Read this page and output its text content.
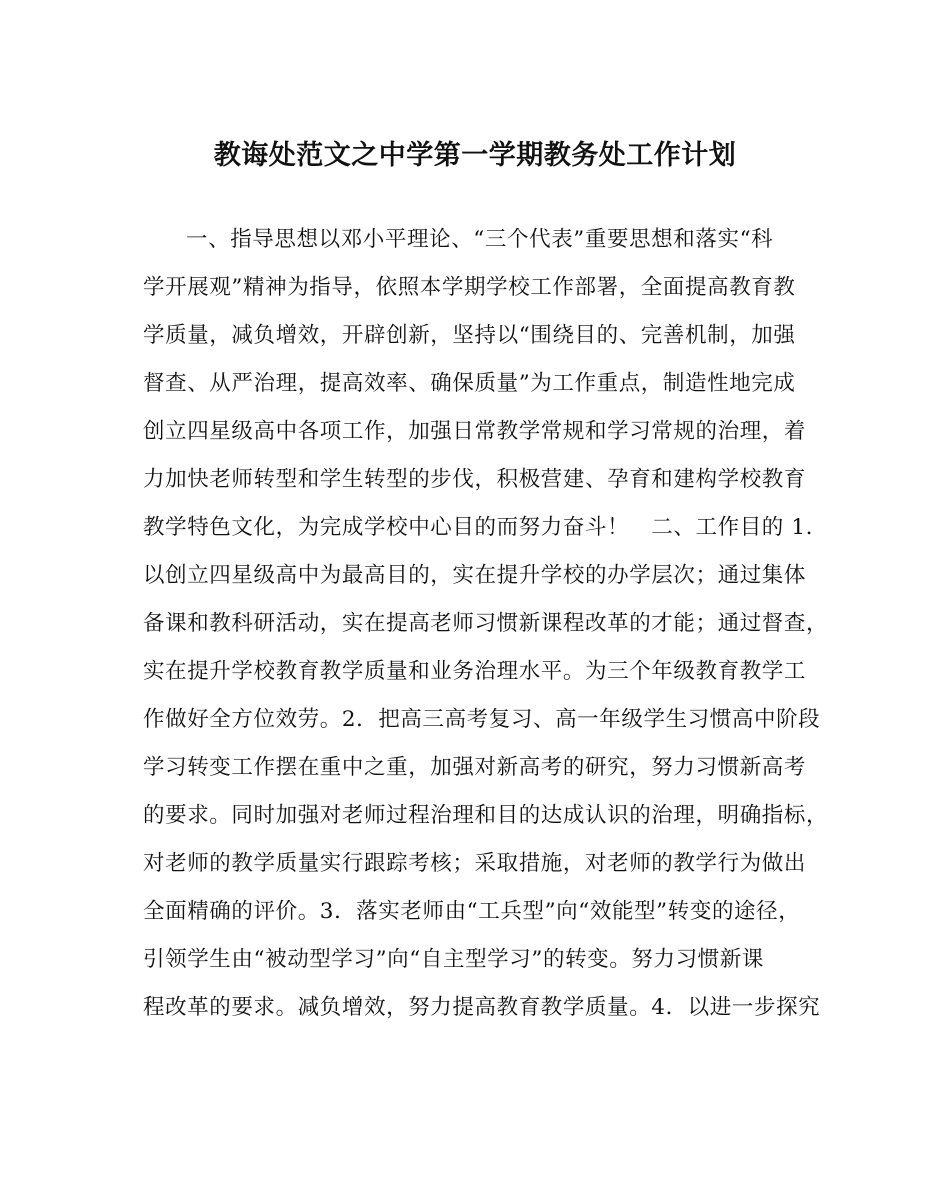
教诲处范文之中学第一学期教务处工作计划
一、指导思想以邓小平理论、“三个代表”重要思想和落实“科
学开展观”精神为指导，依照本学期学校工作部署，全面提高教育教
学质量，减负增效，开辟创新，坚持以“围绕目的、完善机制，加强
督查、从严治理，提高效率、确保质量”为工作重点，制造性地完成
创立四星级高中各项工作，加强日常教学常规和学习常规的治理，着
力加快老师转型和学生转型的步伐，积极营建、孕育和建构学校教育
教学特色文化，为完成学校中心目的而努力奋斗！　二、工作目的 1.
以创立四星级高中为最高目的，实在提升学校的办学层次；通过集体
备课和教科研活动，实在提高老师习惯新课程改革的才能；通过督查，
实在提升学校教育教学质量和业务治理水平。为三个年级教育教学工
作做好全方位效劳。2．把高三高考复习、高一年级学生习惯高中阶段
学习转变工作摆在重中之重，加强对新高考的研究，努力习惯新高考
的要求。同时加强对老师过程治理和目的达成认识的治理，明确指标，
对老师的教学质量实行跟踪考核；采取措施，对老师的教学行为做出
全面精确的评价。3．落实老师由“工兵型”向“效能型”转变的途径，
引领学生由“被动型学习”向“自主型学习”的转变。努力习惯新课
程改革的要求。减负增效，努力提高教育教学质量。4．以进一步探究
